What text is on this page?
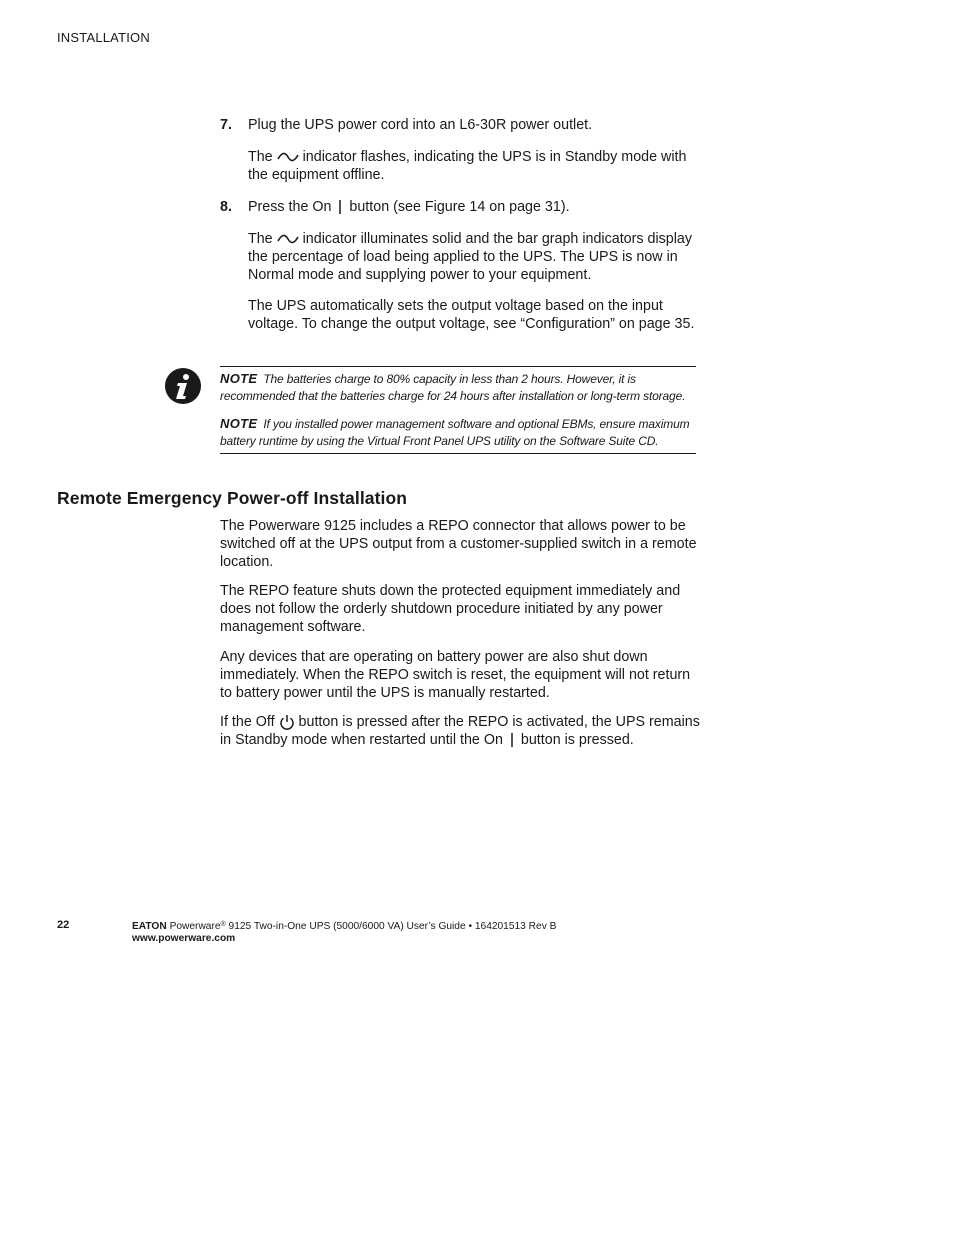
INSTALLATION
7. Plug the UPS power cord into an L6-30R power outlet.

The indicator flashes, indicating the UPS is in Standby mode with the equipment offline.

8. Press the On button (see Figure 14 on page 31).

The indicator illuminates solid and the bar graph indicators display the percentage of load being applied to the UPS. The UPS is now in Normal mode and supplying power to your equipment.

The UPS automatically sets the output voltage based on the input voltage. To change the output voltage, see “Configuration” on page 35.

NOTE The batteries charge to 80% capacity in less than 2 hours. However, it is recommended that the batteries charge for 24 hours after installation or long-term storage.
NOTE If you installed power management software and optional EBMs, ensure maximum battery runtime by using the Virtual Front Panel UPS utility on the Software Suite CD.
Remote Emergency Power-off Installation

The Powerware 9125 includes a REPO connector that allows power to be switched off at the UPS output from a customer-supplied switch in a remote location.

The REPO feature shuts down the protected equipment immediately and does not follow the orderly shutdown procedure initiated by any power management software.

Any devices that are operating on battery power are also shut down immediately. When the REPO switch is reset, the equipment will not return to battery power until the UPS is manually restarted.

If the Off button is pressed after the REPO is activated, the UPS remains in Standby mode when restarted until the On button is pressed.

22	EATON Powerware® 9125 Two-in-One UPS (5000/6000 VA) User’s Guide • 164201513 Rev B
www.powerware.com
